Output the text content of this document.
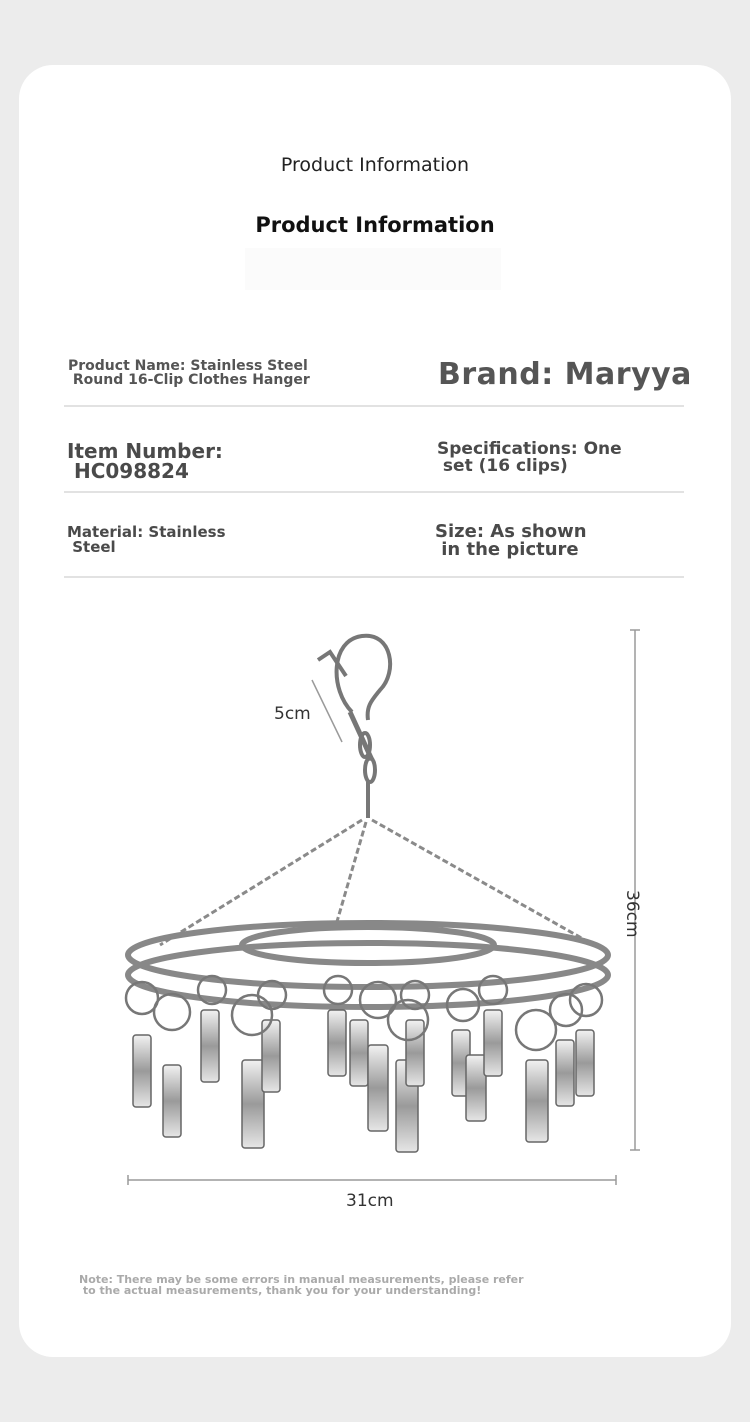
Product Information
Product Information
Product Name: Stainless Steel
Round 16-Clip Clothes Hanger	Brand: Maryya
Item Number:
HC098824
Specifications: One
set (16 clips)
Material: Stainless
Steel
Size: As shown
in the picture
5cm
36cm
31cm
Note: There may be some errors in manual measurements, please refer
to the actual measurements, thank you for your understanding!
